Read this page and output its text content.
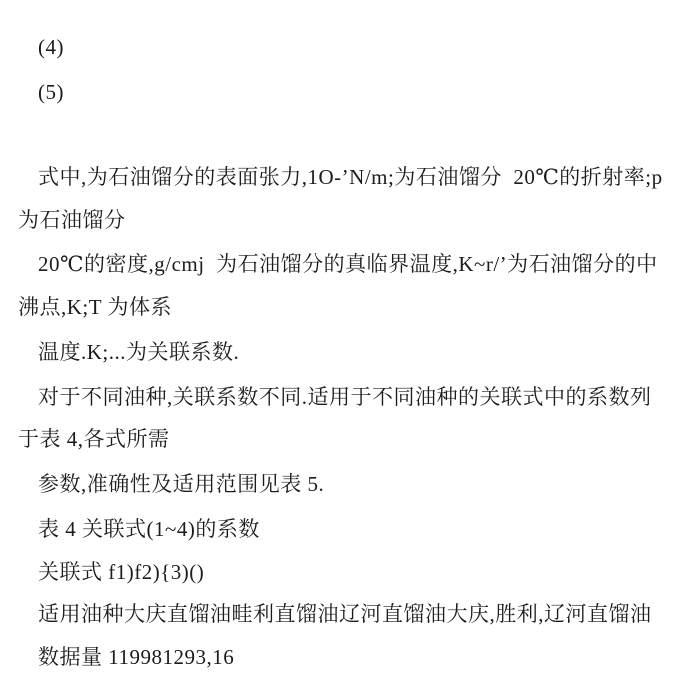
(4)
(5)
式中,为石油馏分的表面张力,1O-’N/m;为石油馏分  20℃的折射率;p
为石油馏分
20℃的密度,g/cmj  为石油馏分的真临界温度,K~r/’为石油馏分的中
沸点,K;T 为体系
温度.K;...为关联系数.
对于不同油种,关联系数不同.适用于不同油种的关联式中的系数列
于表 4,各式所需
参数,准确性及适用范围见表 5.
表 4 关联式(1~4)的系数
关联式 f1)f2){3)()
适用油种大庆直馏油畦利直馏油辽河直馏油大庆,胜利,辽河直馏油
数据量 119981293,16
